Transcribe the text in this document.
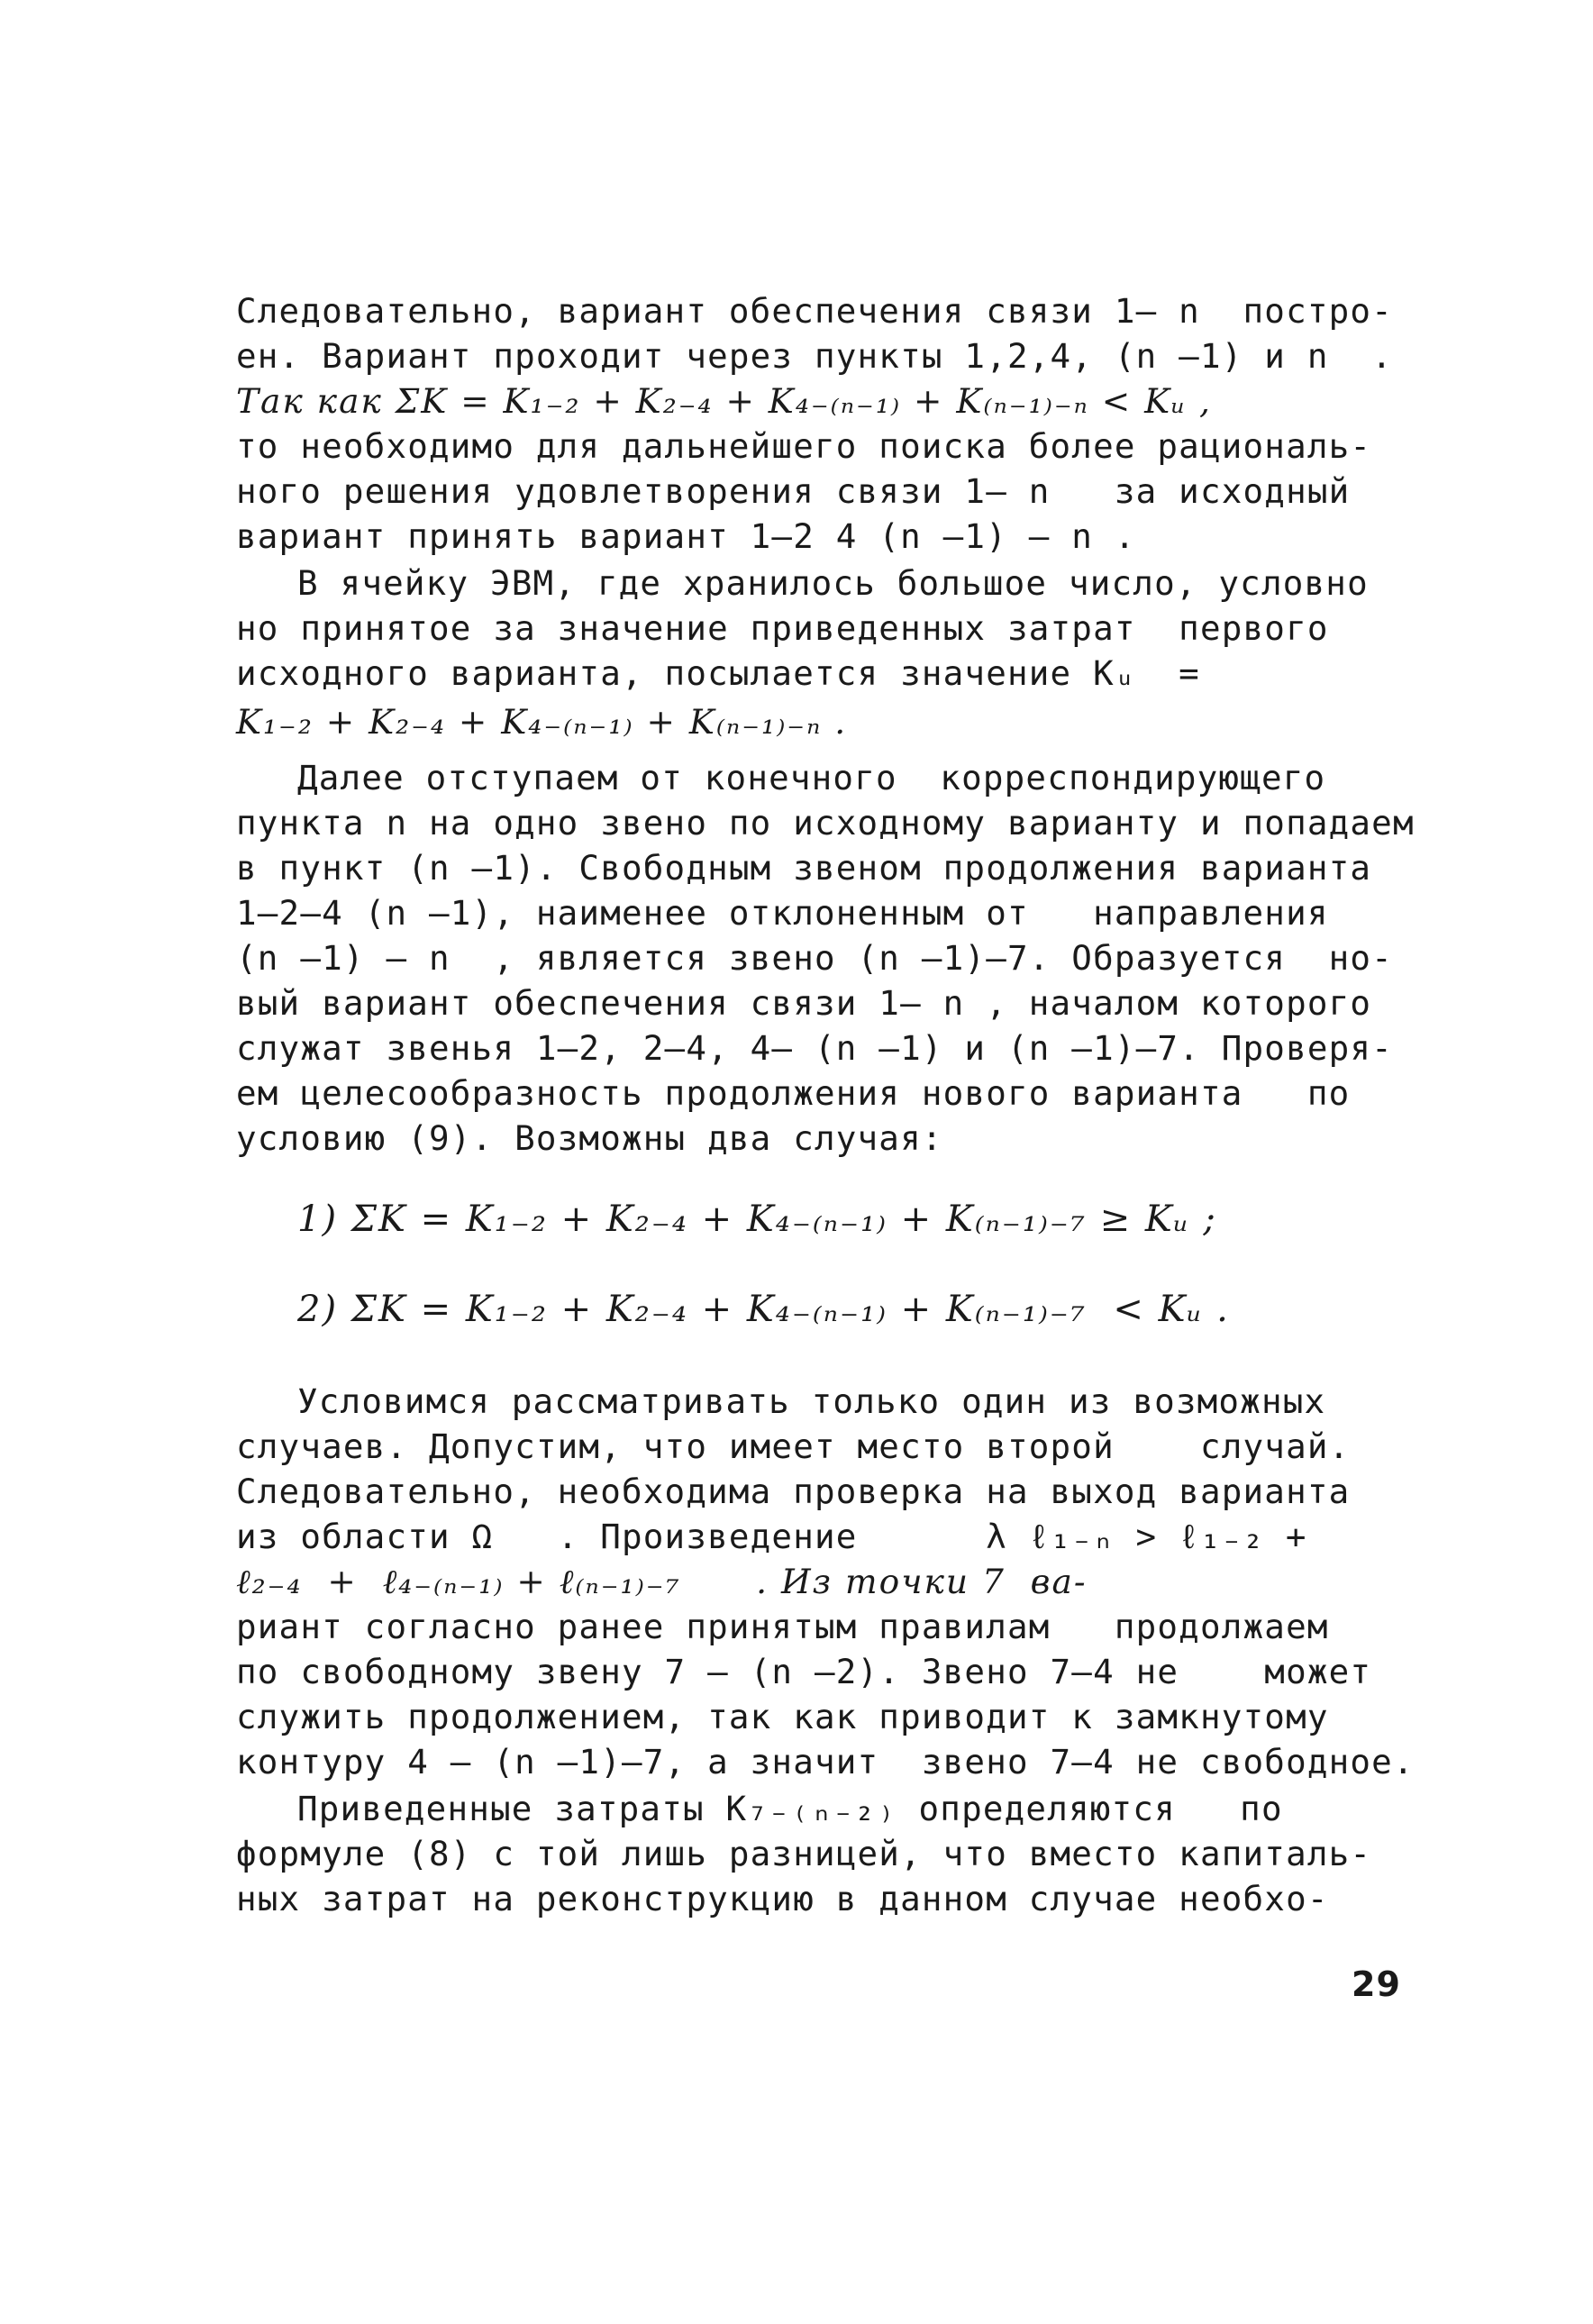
Следовательно, вариант обеспечения связи 1– n  постро-
ен. Вариант проходит через пункты 1,2,4, (n –1) и n  .
Так как ΣK = K₁₋₂ + K₂₋₄ + K₄₋₍ₙ₋₁₎ + K₍ₙ₋₁₎₋ₙ < Kᵤ ,
то необходимо для дальнейшего поиска более рациональ-
ного решения удовлетворения связи 1– n   за исходный
вариант принять вариант 1–2 4 (n –1) – n .
В ячейку ЭВМ, где хранилось большое число, условно
но принятое за значение приведенных затрат  первого
исходного варианта, посылается значение Kᵤ  =
K₁₋₂ + K₂₋₄ + K₄₋₍ₙ₋₁₎ + K₍ₙ₋₁₎₋ₙ .
Далее отступаем от конечного  корреспондирующего
пункта n на одно звено по исходному варианту и попадаем
в пункт (n –1). Свободным звеном продолжения варианта
1–2–4 (n –1), наименее отклоненным от   направления
(n –1) – n  , является звено (n –1)–7. Образуется  но-
вый вариант обеспечения связи 1– n , началом которого
служат звенья 1–2, 2–4, 4– (n –1) и (n –1)–7. Проверя-
ем целесообразность продолжения нового варианта   по
условию (9). Возможны два случая:
1) ΣK = K₁₋₂ + K₂₋₄ + K₄₋₍ₙ₋₁₎ + K₍ₙ₋₁₎₋₇ ≥ Kᵤ ;
2) ΣK = K₁₋₂ + K₂₋₄ + K₄₋₍ₙ₋₁₎ + K₍ₙ₋₁₎₋₇  < Kᵤ .
Условимся рассматривать только один из возможных
случаев. Допустим, что имеет место второй    случай.
Следовательно, необходима проверка на выход варианта
из области Ω   . Произведение      λ ℓ₁₋ₙ > ℓ₁₋₂ +
ℓ₂₋₄  +  ℓ₄₋₍ₙ₋₁₎ + ℓ₍ₙ₋₁₎₋₇      . Из точки 7  ва-
риант согласно ранее принятым правилам   продолжаем
по свободному звену 7 – (n –2). Звено 7–4 не    может
служить продолжением, так как приводит к замкнутому
контуру 4 – (n –1)–7, а значит  звено 7–4 не свободное.
Приведенные затраты K₇₋₍ₙ₋₂₎ определяются   по
формуле (8) с той лишь разницей, что вместо капиталь-
ных затрат на реконструкцию в данном случае необхо-
29
